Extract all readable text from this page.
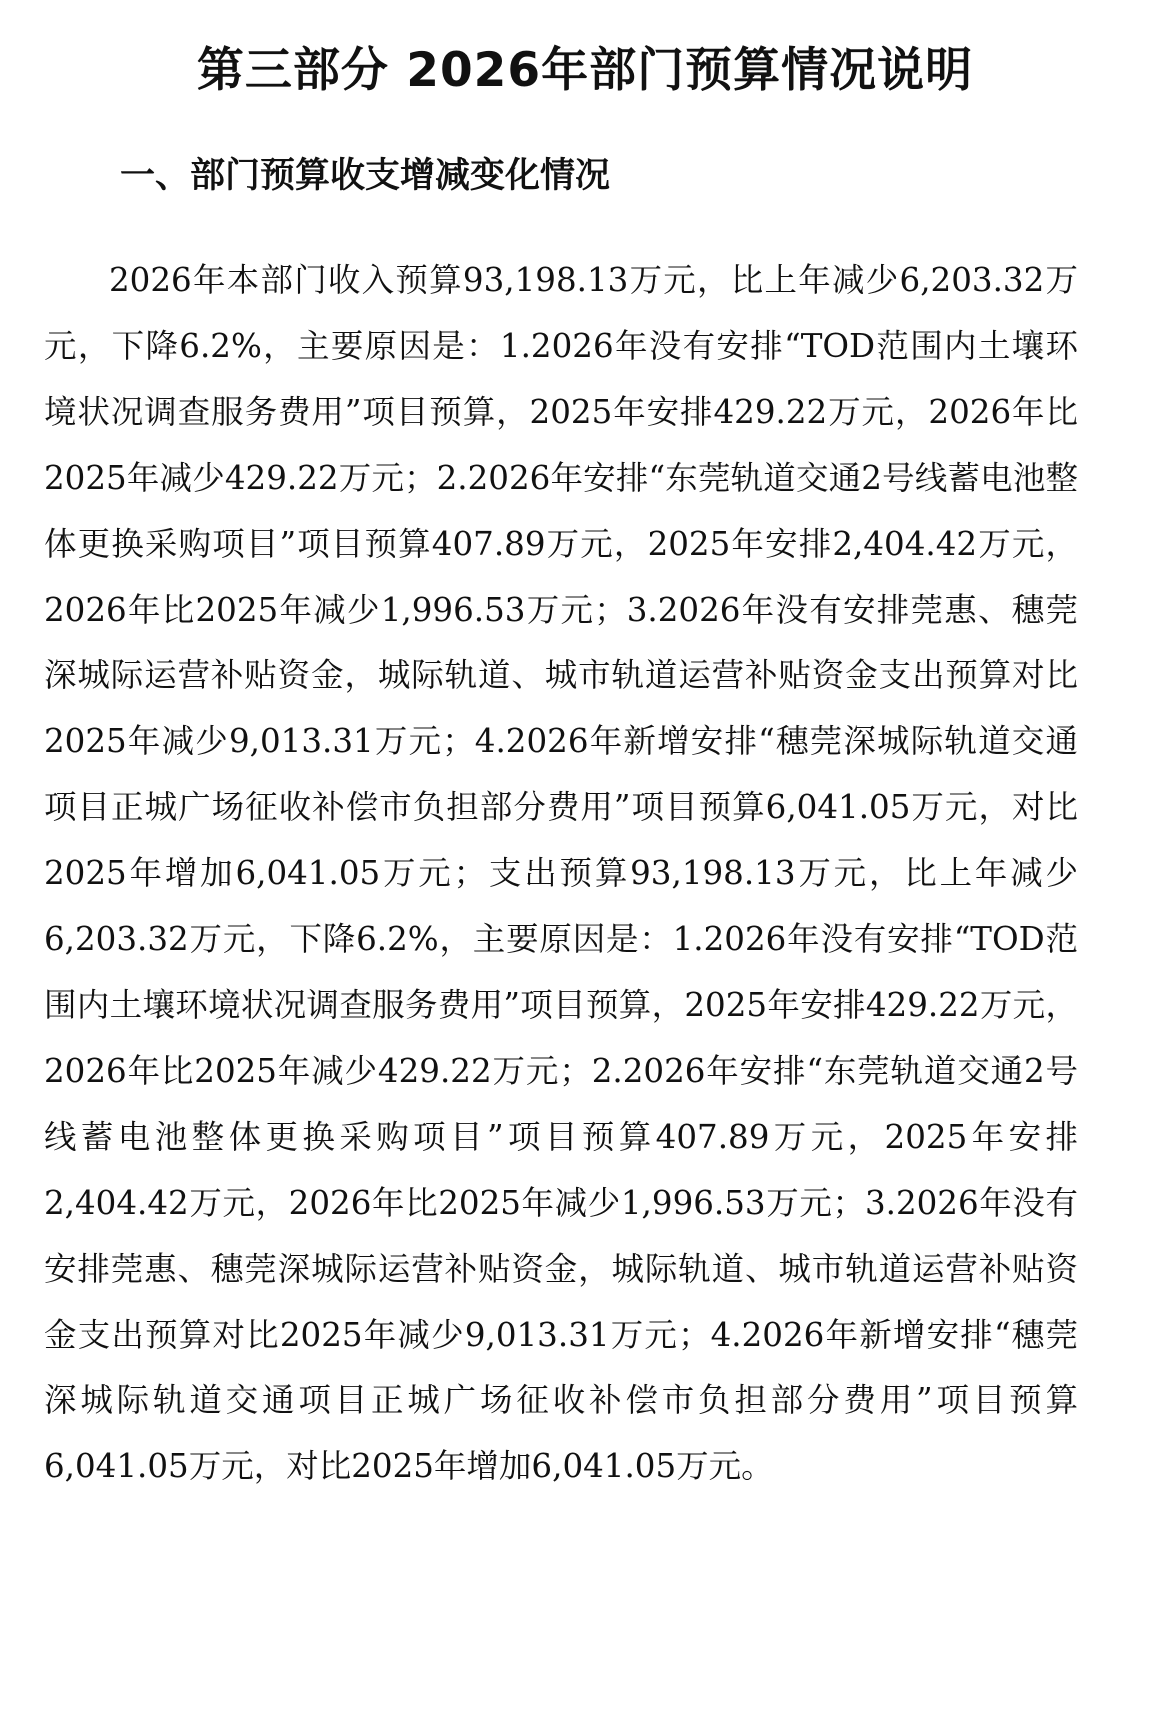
第三部分 2026年部门预算情况说明
一、部门预算收支增减变化情况

2026年本部门收入预算93,198.13万元，比上年减少6,203.32万元，下降6.2%，主要原因是：1.2026年没有安排“TOD范围内土壤环境状况调查服务费用”项目预算，2025年安排429.22万元，2026年比2025年减少429.22万元；2.2026年安排“东莞轨道交通2号线蓄电池整体更换采购项目”项目预算407.89万元，2025年安排2,404.42万元，2026年比2025年减少1,996.53万元；3.2026年没有安排莞惠、穗莞深城际运营补贴资金，城际轨道、城市轨道运营补贴资金支出预算对比2025年减少9,013.31万元；4.2026年新增安排“穗莞深城际轨道交通项目正城广场征收补偿市负担部分费用”项目预算6,041.05万元，对比2025年增加6,041.05万元；支出预算93,198.13万元，比上年减少6,203.32万元，下降6.2%，主要原因是：1.2026年没有安排“TOD范围内土壤环境状况调查服务费用”项目预算，2025年安排429.22万元，2026年比2025年减少429.22万元；2.2026年安排“东莞轨道交通2号线蓄电池整体更换采购项目”项目预算407.89万元，2025年安排2,404.42万元，2026年比2025年减少1,996.53万元；3.2026年没有安排莞惠、穗莞深城际运营补贴资金，城际轨道、城市轨道运营补贴资金支出预算对比2025年减少9,013.31万元；4.2026年新增安排“穗莞深城际轨道交通项目正城广场征收补偿市负担部分费用”项目预算6,041.05万元，对比2025年增加6,041.05万元。
